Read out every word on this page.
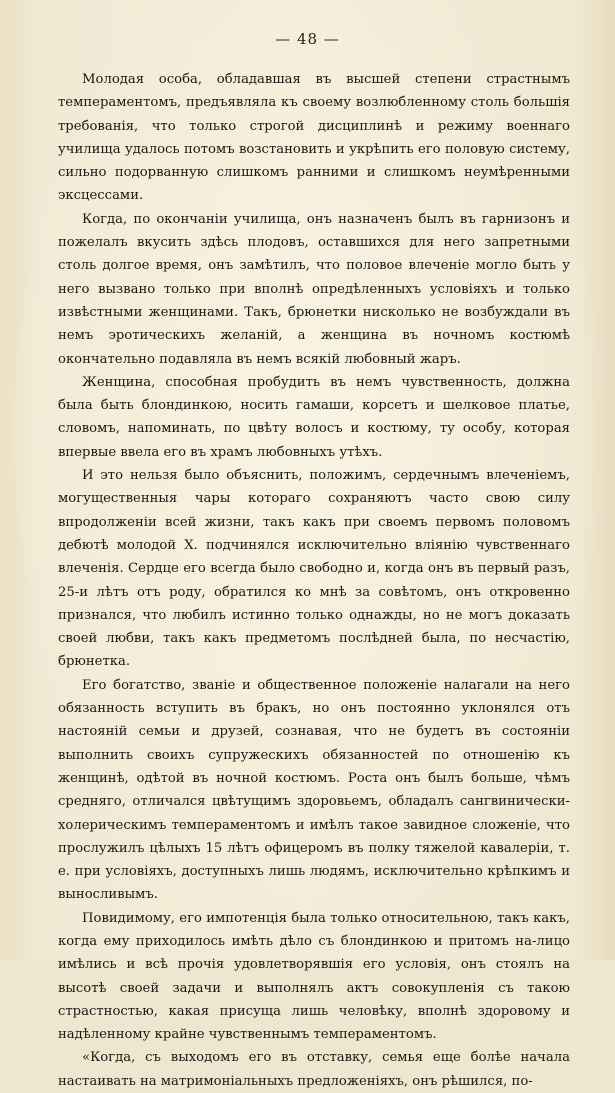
— 48 —

Молодая особа, обладавшая въ высшей степени страстнымъ темпераментомъ, предъявляла къ своему возлюбленному столь большія требованія, что только строгой дисциплинѣ и режиму военнаго училища удалось потомъ возстановить и укрѣпить его половую систему, сильно подорванную слишкомъ ранними и слишкомъ неумѣренными эксцессами.

Когда, по окончаніи училища, онъ назначенъ былъ въ гарнизонъ и пожелалъ вкусить здѣсь плодовъ, оставшихся для него запретными столь долгое время, онъ замѣтилъ, что половое влеченіе могло быть у него вызвано только при вполнѣ опредѣленныхъ условіяхъ и только извѣстными женщинами. Такъ, брюнетки нисколько не возбуждали въ немъ эротическихъ желаній, а женщина въ ночномъ костюмѣ окончательно подавляла въ немъ всякій любовный жаръ.

Женщина, способная пробудить въ немъ чувственность, должна была быть блондинкою, носить гамаши, корсетъ и шелковое платье, словомъ, напоминать, по цвѣту волосъ и костюму, ту особу, которая впервые ввела его въ храмъ любовныхъ утѣхъ.

И это нельзя было объяснить, положимъ, сердечнымъ влеченіемъ, могущественныя чары котораго сохраняютъ часто свою силу впродолженіи всей жизни, такъ какъ при своемъ первомъ половомъ дебютѣ молодой X. подчинялся исключительно вліянію чувственнаго влеченія. Сердце его всегда было свободно и, когда онъ въ первый разъ, 25-и лѣтъ отъ роду, обратился ко мнѣ за совѣтомъ, онъ откровенно признался, что любилъ истинно только однажды, но не могъ доказать своей любви, такъ какъ предметомъ послѣдней была, по несчастію, брюнетка.

Его богатство, званіе и общественное положеніе налагали на него обязанность вступить въ бракъ, но онъ постоянно уклонялся отъ настояній семьи и друзей, сознавая, что не будетъ въ состояніи выполнить своихъ супружескихъ обязанностей по отношенію къ женщинѣ, одѣтой въ ночной костюмъ. Роста онъ былъ больше, чѣмъ средняго, отличался цвѣтущимъ здоровьемъ, обладалъ сангвинически-холерическимъ темпераментомъ и имѣлъ такое завидное сложеніе, что прослужилъ цѣлыхъ 15 лѣтъ офицеромъ въ полку тяжелой кавалеріи, т. е. при условіяхъ, доступныхъ лишь людямъ, исключительно крѣпкимъ и выносливымъ.

Повидимому, его импотенція была только относительною, такъ какъ, когда ему приходилось имѣть дѣло съ блондинкою и притомъ на-лицо имѣлись и всѣ прочія удовлетворявшія его условія, онъ стоялъ на высотѣ своей задачи и выполнялъ актъ совокупленія съ такою страстностью, какая присуща лишь человѣку, вполнѣ здоровому и надѣленному крайне чувственнымъ темпераментомъ.

«Когда, съ выходомъ его въ отставку, семья еще болѣе начала настаивать на матримоніальныхъ предложеніяхъ, онъ рѣшился, по-
